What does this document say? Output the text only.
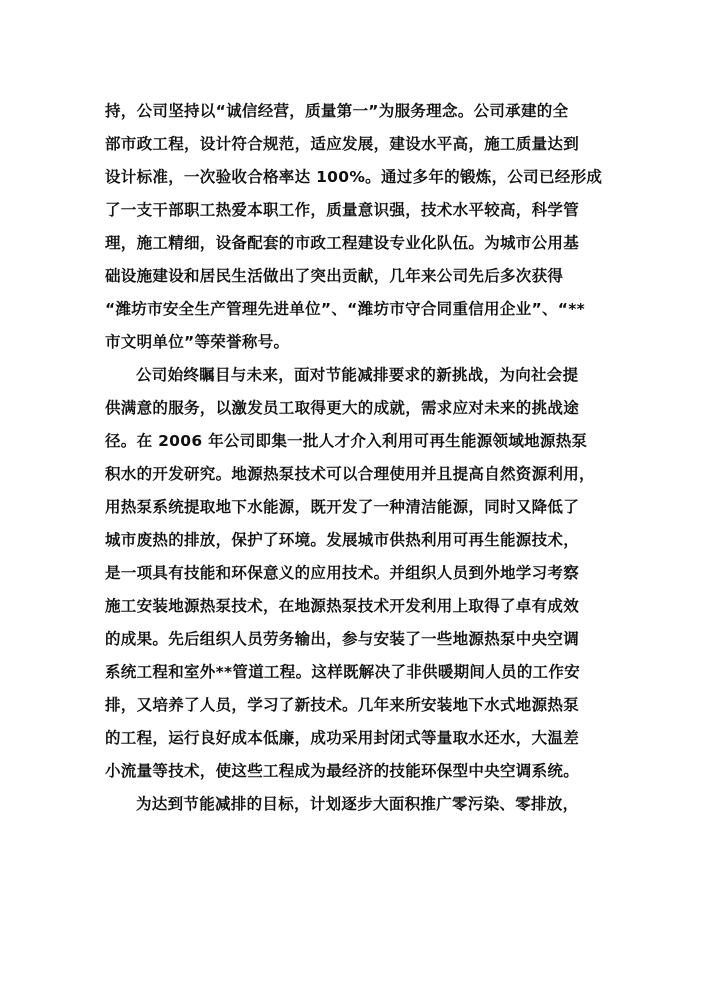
持，公司坚持以“诚信经营，质量第一”为服务理念。公司承建的全
部市政工程，设计符合规范，适应发展，建设水平高，施工质量达到
设计标准，一次验收合格率达 100%。通过多年的锻炼，公司已经形成
了一支干部职工热爱本职工作，质量意识强，技术水平较高，科学管
理，施工精细，设备配套的市政工程建设专业化队伍。为城市公用基
础设施建设和居民生活做出了突出贡献，几年来公司先后多次获得
“潍坊市安全生产管理先进单位”、“潍坊市守合同重信用企业”、“**
市文明单位”等荣誉称号。
公司始终瞩目与未来，面对节能减排要求的新挑战，为向社会提
供满意的服务，以激发员工取得更大的成就，需求应对未来的挑战途
径。在 2006 年公司即集一批人才介入利用可再生能源领域地源热泵
积水的开发研究。地源热泵技术可以合理使用并且提高自然资源利用，
用热泵系统提取地下水能源，既开发了一种清洁能源，同时又降低了
城市废热的排放，保护了环境。发展城市供热利用可再生能源技术，
是一项具有技能和环保意义的应用技术。并组织人员到外地学习考察
施工安装地源热泵技术，在地源热泵技术开发利用上取得了卓有成效
的成果。先后组织人员劳务输出，参与安装了一些地源热泵中央空调
系统工程和室外**管道工程。这样既解决了非供暖期间人员的工作安
排，又培养了人员，学习了新技术。几年来所安装地下水式地源热泵
的工程，运行良好成本低廉，成功采用封闭式等量取水还水，大温差
小流量等技术，使这些工程成为最经济的技能环保型中央空调系统。
为达到节能减排的目标，计划逐步大面积推广零污染、零排放，
